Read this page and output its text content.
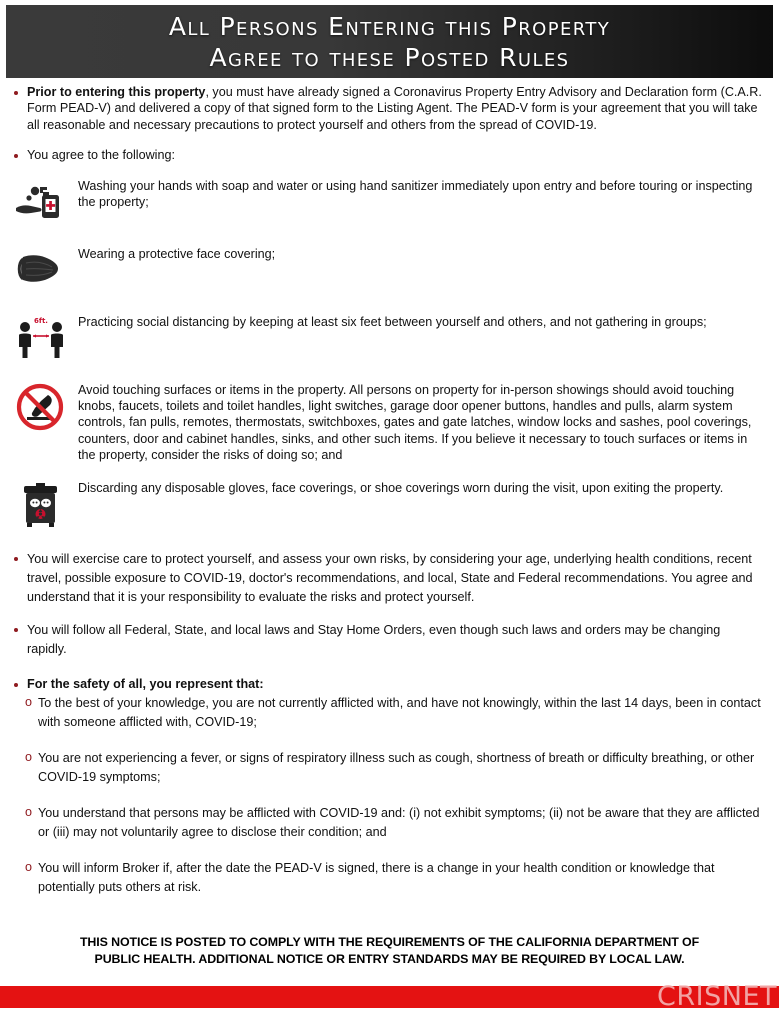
All Persons Entering this Property
Agree to these Posted Rules
Prior to entering this property, you must have already signed a Coronavirus Property Entry Advisory and Declaration form (C.A.R. Form PEAD-V) and delivered a copy of that signed form to the Listing Agent. The PEAD-V form is your agreement that you will take all reasonable and necessary precautions to protect yourself and others from the spread of COVID-19.
You agree to the following:
Washing your hands with soap and water or using hand sanitizer immediately upon entry and before touring or inspecting the property;
Wearing a protective face covering;
6ft. Practicing social distancing by keeping at least six feet between yourself and others, and not gathering in groups;
Avoid touching surfaces or items in the property. All persons on property for in-person showings should avoid touching knobs, faucets, toilets and toilet handles, light switches, garage door opener buttons, handles and pulls, alarm system controls, fan pulls, remotes, thermostats, switchboxes, gates and gate latches, window locks and sashes, pool coverings, counters, door and cabinet handles, sinks, and other such items. If you believe it necessary to touch surfaces or items in the property, consider the risks of doing so; and
Discarding any disposable gloves, face coverings, or shoe coverings worn during the visit, upon exiting the property.
You will exercise care to protect yourself, and assess your own risks, by considering your age, underlying health conditions, recent travel, possible exposure to COVID-19, doctor's recommendations, and local, State and Federal recommendations. You agree and understand that it is your responsibility to evaluate the risks and protect yourself.
You will follow all Federal, State, and local laws and Stay Home Orders, even though such laws and orders may be changing rapidly.
For the safety of all, you represent that:
o To the best of your knowledge, you are not currently afflicted with, and have not knowingly, within the last 14 days, been in contact with someone afflicted with, COVID-19;
o You are not experiencing a fever, or signs of respiratory illness such as cough, shortness of breath or difficulty breathing, or other COVID-19 symptoms;
o You understand that persons may be afflicted with COVID-19 and: (i) not exhibit symptoms; (ii) not be aware that they are afflicted or (iii) may not voluntarily agree to disclose their condition; and
o You will inform Broker if, after the date the PEAD-V is signed, there is a change in your health condition or knowledge that potentially puts others at risk.
THIS NOTICE IS POSTED TO COMPLY WITH THE REQUIREMENTS OF THE CALIFORNIA DEPARTMENT OF
PUBLIC HEALTH. ADDITIONAL NOTICE OR ENTRY STANDARDS MAY BE REQUIRED BY LOCAL LAW.
CRISNET
